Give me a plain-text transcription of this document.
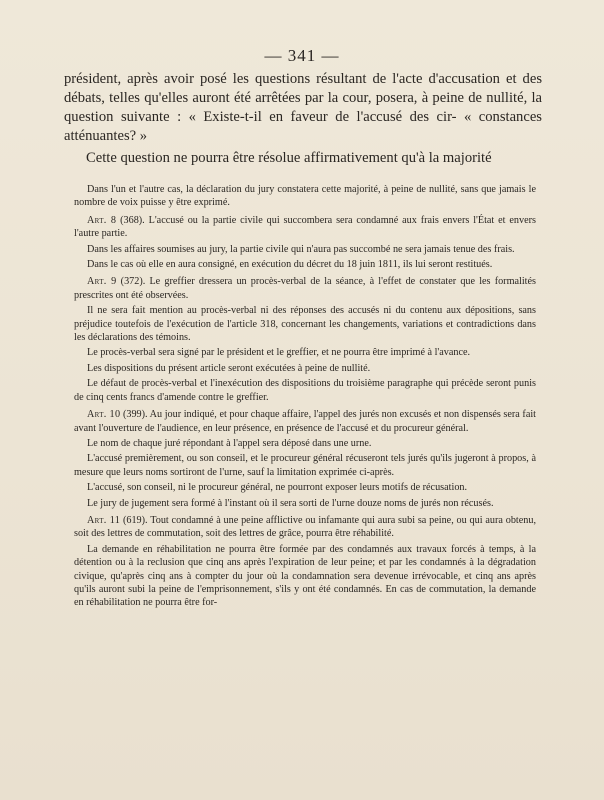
— 341 —

président, après avoir posé les questions résultant de l'acte d'accusation et des débats, telles qu'elles auront été arrêtées par la cour, posera, à peine de nullité, la question suivante : « Existe-t-il en faveur de l'accusé des cir- « constances atténuantes? »

Cette question ne pourra être résolue affirmativement qu'à la majorité

Dans l'un et l'autre cas, la déclaration du jury constatera cette majorité, à peine de nullité, sans que jamais le nombre de voix puisse y être exprimé.

Art. 8 (368). L'accusé ou la partie civile qui succombera sera condamné aux frais envers l'État et envers l'autre partie.

Dans les affaires soumises au jury, la partie civile qui n'aura pas succombé ne sera jamais tenue des frais.

Dans le cas où elle en aura consigné, en exécution du décret du 18 juin 1811, ils lui seront restitués.

Art. 9 (372). Le greffier dressera un procès-verbal de la séance, à l'effet de constater que les formalités prescrites ont été observées.

Il ne sera fait mention au procès-verbal ni des réponses des accusés ni du contenu aux dépositions, sans préjudice toutefois de l'exécution de l'article 318, concernant les changements, variations et contradictions dans les déclarations des témoins.

Le procès-verbal sera signé par le président et le greffier, et ne pourra être imprimé à l'avance.

Les dispositions du présent article seront exécutées à peine de nullité.

Le défaut de procès-verbal et l'inexécution des dispositions du troisième paragraphe qui précède seront punis de cinq cents francs d'amende contre le greffier.

Art. 10 (399). Au jour indiqué, et pour chaque affaire, l'appel des jurés non excusés et non dispensés sera fait avant l'ouverture de l'audience, en leur présence, en présence de l'accusé et du procureur général.

Le nom de chaque juré répondant à l'appel sera déposé dans une urne.

L'accusé premièrement, ou son conseil, et le procureur général récuseront tels jurés qu'ils jugeront à propos, à mesure que leurs noms sortiront de l'urne, sauf la limitation exprimée ci-après.

L'accusé, son conseil, ni le procureur général, ne pourront exposer leurs motifs de récusation.

Le jury de jugement sera formé à l'instant où il sera sorti de l'urne douze noms de jurés non récusés.

Art. 11 (619). Tout condamné à une peine afflictive ou infamante qui aura subi sa peine, ou qui aura obtenu, soit des lettres de commutation, soit des lettres de grâce, pourra être réhabilité.

La demande en réhabilitation ne pourra être formée par des condamnés aux travaux forcés à temps, à la détention ou à la reclusion que cinq ans après l'expiration de leur peine; et par les condamnés à la dégradation civique, qu'après cinq ans à compter du jour où la condamnation sera devenue irrévocable, et cinq ans après qu'ils auront subi la peine de l'emprisonnement, s'ils y ont été condamnés. En cas de commutation, la demande en réhabilitation ne pourra être for-
